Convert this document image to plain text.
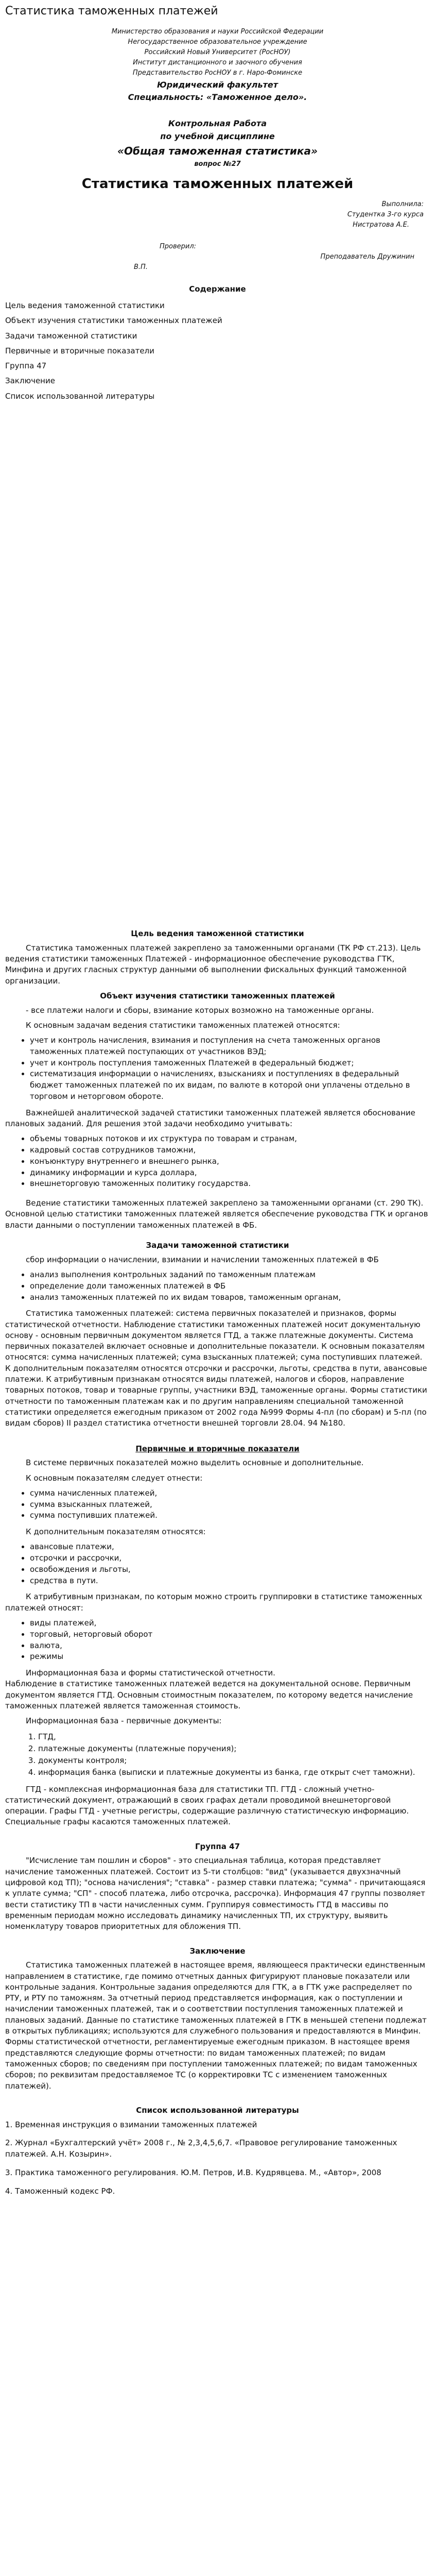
Статистика таможенных платежей

Министерство образования и науки Российской Федерации

Негосударственное образовательное учреждение

Российский Новый Университет (РосНОУ)

Институт дистанционного и заочного обучения

Представительство РосНОУ в г. Наро-Фоминске

Юридический факультет

Специальность: «Таможенное дело».

Контрольная Работа

по учебной дисциплине

«Общая таможенная статистика»

вопрос №27

Статистика таможенных платежей

Выполнила:

Студентка 3-го курса

Нистратова А.Е.

Проверил:

Преподаватель Дружинин

В.П.

Содержание
Цель ведения таможенной статистики
Объект изучения статистики таможенных платежей
Задачи таможенной статистики
Первичные и вторичные показатели
Группа 47
Заключение
Список использованной литературы
Цель ведения таможенной статистики

Статистика таможенных платежей закреплено за таможенными органами (ТК РФ ст.213). Цель ведения статистики таможенных Платежей - информационное обеспечение руководства ГТК, Минфина и других гласных структур данными об выполнении фискальных функций таможенной организации.

Объект изучения статистики таможенных платежей

- все платежи налоги и сборы, взимание которых возможно на таможенные органы.

К основным задачам ведения статистики таможенных платежей относятся:

• учет и контроль начисления, взимания и поступления на счета таможенных органов таможенных платежей поступающих от участников ВЭД;
• учет и контроль поступления таможенных Платежей в федеральный бюджет;
• систематизация информации о начислениях, взысканиях и поступлениях в федеральный бюджет таможенных платежей по их видам, по валюте в которой они уплачены отдельно в торговом и неторговом обороте.

Важнейшей аналитической задачей статистики таможенных платежей является обоснование плановых заданий. Для решения этой задачи необходимо учитывать:

• объемы товарных потоков и их структура по товарам и странам,
• кадровый состав сотрудников таможни,
• конъюнктуру внутреннего и внешнего рынка,
• динамику информации и курса доллара,
• внешнеторговую таможенных политику государства.

Ведение статистики таможенных платежей закреплено за таможенными органами (ст. 290 ТК). Основной целью статистики таможенных платежей является обеспечение руководства ГТК и органов власти данными о поступлении таможенных платежей в ФБ.

Задачи таможенной статистики

сбор информации о начислении, взимании и начислении таможенных платежей в ФБ

• анализ выполнения контрольных заданий по таможенным платежам
• определение доли таможенных платежей в ФБ
• анализ таможенных платежей по их видам товаров, таможенным органам,

Статистика таможенных платежей: система первичных показателей и признаков, формы статистической отчетности. Наблюдение статистики таможенных платежей носит документальную основу - основным первичным документом является ГТД, а также платежные документы. Система первичных показателей включает основные и дополнительные показатели. К основным показателям относятся: сумма начисленных платежей; сума взысканных платежей; сума поступивших платежей. К дополнительным показателям относятся отсрочки и рассрочки, льготы, средства в пути, авансовые платежи. К атрибутивным признакам относятся виды платежей, налогов и сборов, направление товарных потоков, товар и товарные группы, участники ВЭД, таможенные органы. Формы статистики отчетности по таможенным платежам как и по другим направлениям специальной таможенной статистики определяется ежегодным приказом от 2002 года №999 Формы 4-пл (по сборам) и 5-пл (по видам сборов) II раздел статистика отчетности внешней торговли 28.04. 94 №180.

Первичные и вторичные показатели

В системе первичных показателей можно выделить основные и дополнительные.

К основным показателям следует отнести:

• сумма начисленных платежей,
• сумма взысканных платежей,
• сумма поступивших платежей.

К дополнительным показателям относятся:

• авансовые платежи,
• отсрочки и рассрочки,
• освобождения и льготы,
• средства в пути.

К атрибутивным признакам, по которым можно строить группировки в статистике таможенных платежей относят:

• виды платежей,
• торговый, неторговый оборот
• валюта,
• режимы

Информационная база и формы статистической отчетности.

Наблюдение в статистике таможенных платежей ведется на документальной основе. Первичным документом является ГТД. Основным стоимостным показателем, по которому ведется начисление таможенных платежей является таможенная стоимость.

Информационная база - первичные документы:

1. ГТД,
2. платежные документы (платежные поручения);
3. документы контроля;
4. информация банка (выписки и платежные документы из банка, где открыт счет таможни).

ГТД - комплексная информационная база для статистики ТП. ГТД - сложный учетно-статистический документ, отражающий в своих графах детали проводимой внешнеторговой операции. Графы ГТД - учетные регистры, содержащие различную статистическую информацию. Специальные графы касаются таможенных платежей.

Группа 47

"Исчисление там пошлин и сборов" - это специальная таблица, которая представляет начисление таможенных платежей. Состоит из 5-ти столбцов: "вид" (указывается двухзначный цифровой код ТП); "основа начисления"; "ставка" - размер ставки платежа; "сумма" - причитающаяся к уплате сумма; "СП" - способ платежа, либо отсрочка, рассрочка). Информация 47 группы позволяет вести статистику ТП в части начисленных сумм. Группируя совместимость ГТД в массивы по временным периодам можно исследовать динамику начисленных ТП, их структуру, выявить номенклатуру товаров приоритетных для обложения ТП.

Заключение

Статистика таможенных платежей в настоящее время, являющееся практически единственным направлением в статистике, где помимо отчетных данных фигурируют плановые показатели или контрольные задания. Контрольные задания определяются для ГТК, а в ГТК уже распределяет по РТУ, и РТУ по таможням. За отчетный период представляется информация, как о поступлении и начислении таможенных платежей, так и о соответствии поступления таможенных платежей и плановых заданий. Данные по статистике таможенных платежей в ГТК в меньшей степени подлежат в открытых публикациях; используются для служебного пользования и предоставляются в Минфин. Формы статистической отчетности, регламентируемые ежегодным приказом. В настоящее время представляются следующие формы отчетности: по видам таможенных платежей; по видам таможенных сборов; по сведениям при поступлении таможенных платежей; по видам таможенных сборов; по реквизитам предоставляемое ТС (о корректировки ТС с изменением таможенных платежей).

Список использованной литературы
1. Временная инструкция о взимании таможенных платежей
2. Журнал «Бухгалтерский учёт» 2008 г., № 2,3,4,5,6,7. «Правовое регулирование таможенных платежей. А.Н. Козырин».
3. Практика таможенного регулирования. Ю.М. Петров, И.В. Кудрявцева. М., «Автор», 2008
4. Таможенный кодекс РФ.
